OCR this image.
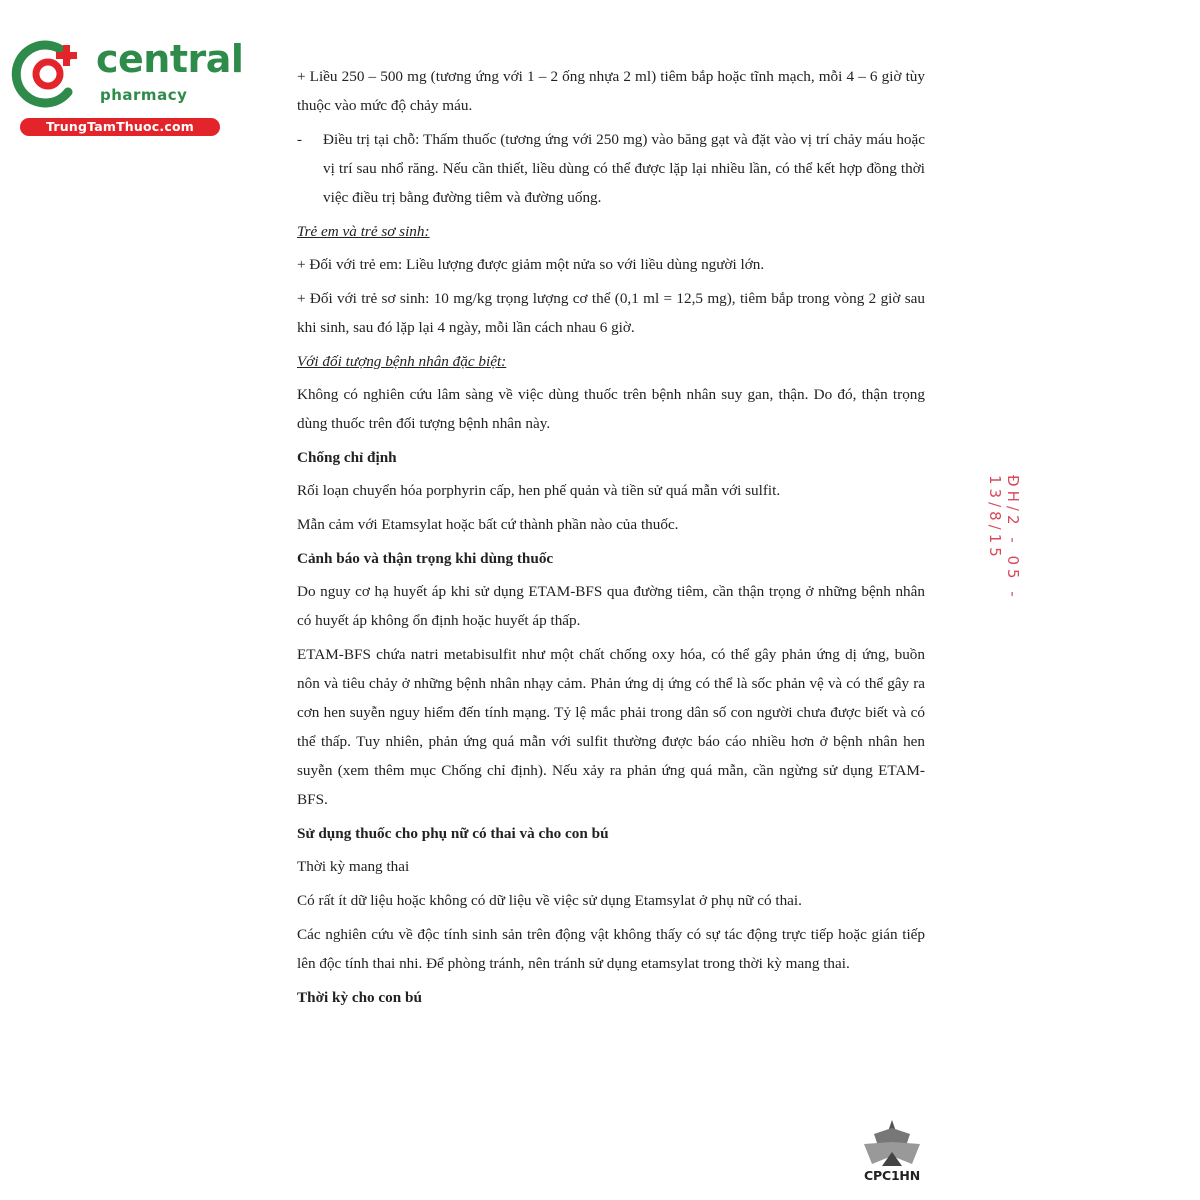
central
pharmacy
TrungTamThuoc.com

+ Liều 250 – 500 mg (tương ứng với 1 – 2 ống nhựa 2 ml) tiêm bắp hoặc tĩnh mạch, mỗi 4 – 6 giờ tùy thuộc vào mức độ chảy máu.

- Điều trị tại chỗ: Thấm thuốc (tương ứng với 250 mg) vào băng gạt và đặt vào vị trí chảy máu hoặc vị trí sau nhổ răng. Nếu cần thiết, liều dùng có thể được lặp lại nhiều lần, có thể kết hợp đồng thời việc điều trị bằng đường tiêm và đường uống.

Trẻ em và trẻ sơ sinh:

+ Đối với trẻ em: Liều lượng được giảm một nửa so với liều dùng người lớn.

+ Đối với trẻ sơ sinh: 10 mg/kg trọng lượng cơ thể (0,1 ml = 12,5 mg), tiêm bắp trong vòng 2 giờ sau khi sinh, sau đó lặp lại 4 ngày, mỗi lần cách nhau 6 giờ.

Với đối tượng bệnh nhân đặc biệt:

Không có nghiên cứu lâm sàng về việc dùng thuốc trên bệnh nhân suy gan, thận. Do đó, thận trọng dùng thuốc trên đối tượng bệnh nhân này.

Chống chỉ định

Rối loạn chuyển hóa porphyrin cấp, hen phế quản và tiền sử quá mẫn với sulfit.

Mẫn cảm với Etamsylat hoặc bất cứ thành phần nào của thuốc.

Cảnh báo và thận trọng khi dùng thuốc

Do nguy cơ hạ huyết áp khi sử dụng ETAM-BFS qua đường tiêm, cần thận trọng ở những bệnh nhân có huyết áp không ổn định hoặc huyết áp thấp.

ETAM-BFS chứa natri metabisulfit như một chất chống oxy hóa, có thể gây phản ứng dị ứng, buồn nôn và tiêu chảy ở những bệnh nhân nhạy cảm. Phản ứng dị ứng có thể là sốc phản vệ và có thể gây ra cơn hen suyễn nguy hiểm đến tính mạng. Tỷ lệ mắc phải trong dân số con người chưa được biết và có thể thấp. Tuy nhiên, phản ứng quá mẫn với sulfit thường được báo cáo nhiều hơn ở bệnh nhân hen suyễn (xem thêm mục Chống chỉ định). Nếu xảy ra phản ứng quá mẫn, cần ngừng sử dụng ETAM-BFS.

Sử dụng thuốc cho phụ nữ có thai và cho con bú

Thời kỳ mang thai

Có rất ít dữ liệu hoặc không có dữ liệu về việc sử dụng Etamsylat ở phụ nữ có thai.

Các nghiên cứu về độc tính sinh sản trên động vật không thấy có sự tác động trực tiếp hoặc gián tiếp lên độc tính thai nhi. Để phòng tránh, nên tránh sử dụng etamsylat trong thời kỳ mang thai.

Thời kỳ cho con bú

ĐH/2 - 05 - 13/8/15
CPC1HN
